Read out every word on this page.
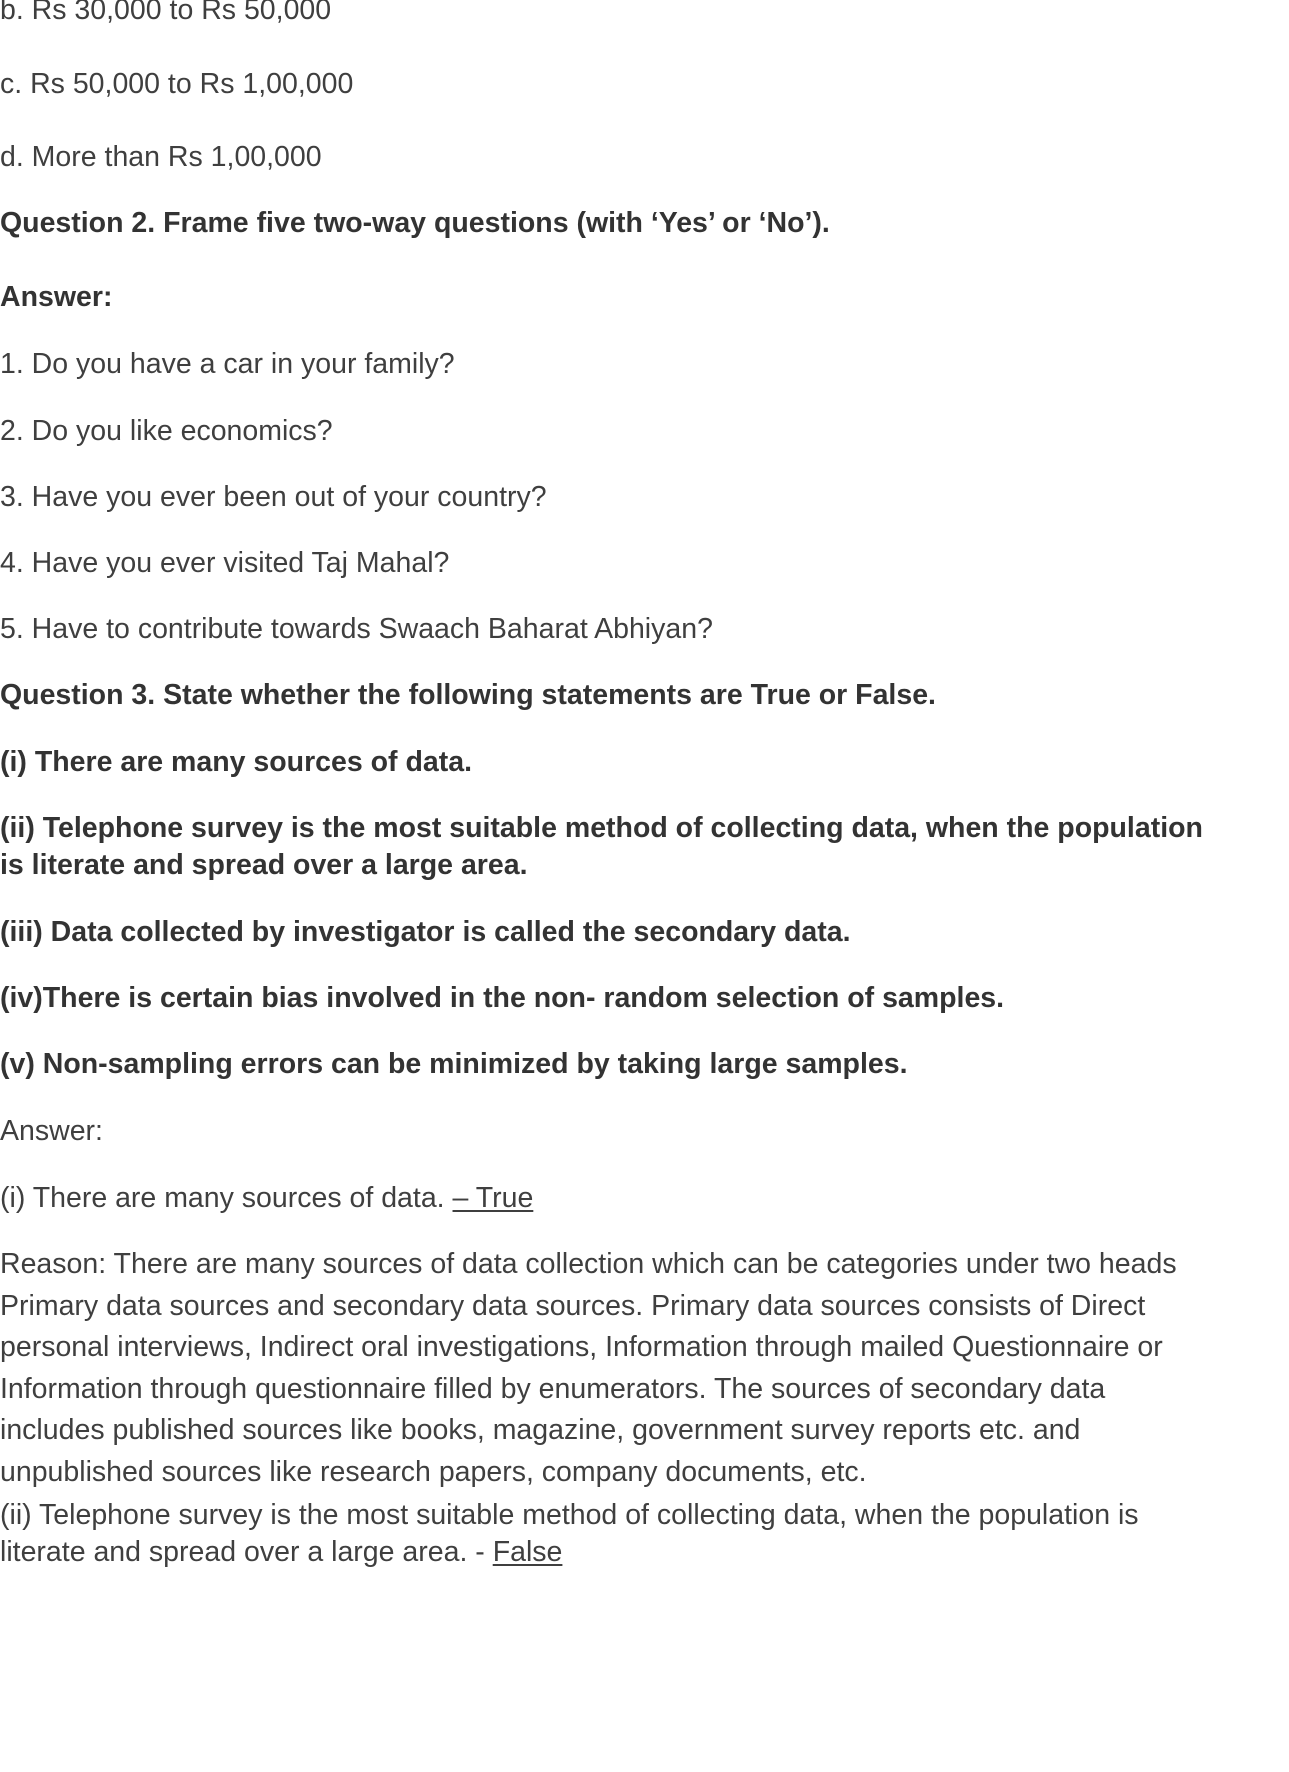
b. Rs 30,000 to Rs 50,000

c. Rs 50,000 to Rs 1,00,000

d. More than Rs 1,00,000

Question 2. Frame five two-way questions (with ‘Yes’ or ‘No’).

Answer:

1. Do you have a car in your family?

2. Do you like economics?

3. Have you ever been out of your country?

4. Have you ever visited Taj Mahal?

5. Have to contribute towards Swaach Baharat Abhiyan?

Question 3. State whether the following statements are True or False.

(i) There are many sources of data.

(ii) Telephone survey is the most suitable method of collecting data, when the population

is literate and spread over a large area.

(iii) Data collected by investigator is called the secondary data.

(iv)There is certain bias involved in the non- random selection of samples.

(v) Non-sampling errors can be minimized by taking large samples.

Answer:

(i) There are many sources of data. – True

Reason: There are many sources of data collection which can be categories under two heads
Primary data sources and secondary data sources. Primary data sources consists of Direct
personal interviews, Indirect oral investigations, Information through mailed Questionnaire or
Information through questionnaire filled by enumerators. The sources of secondary data
includes published sources like books, magazine, government survey reports etc. and
unpublished sources like research papers, company documents, etc.

(ii) Telephone survey is the most suitable method of collecting data, when the population is

literate and spread over a large area. - False
